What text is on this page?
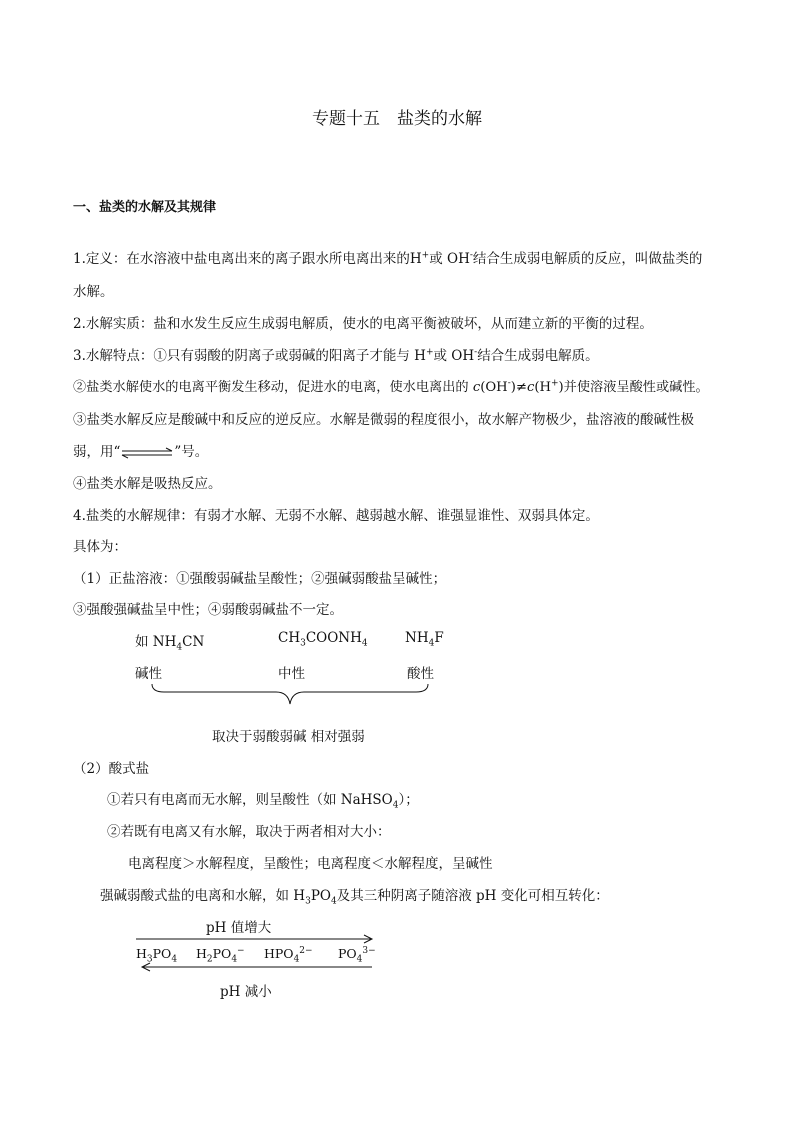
专题十五　盐类的水解
一、盐类的水解及其规律
1.定义：在水溶液中盐电离出来的离子跟水所电离出来的H+或 OH-结合生成弱电解质的反应，叫做盐类的
水解。
2.水解实质：盐和水发生反应生成弱电解质，使水的电离平衡被破坏，从而建立新的平衡的过程。
3.水解特点：①只有弱酸的阴离子或弱碱的阳离子才能与 H+或 OH-结合生成弱电解质。
②盐类水解使水的电离平衡发生移动，促进水的电离，使水电离出的 c(OH-)≠c(H+)并使溶液呈酸性或碱性。
③盐类水解反应是酸碱中和反应的逆反应。水解是微弱的程度很小，故水解产物极少，盐溶液的酸碱性极
弱，用“⇌”号。
④盐类水解是吸热反应。
4.盐类的水解规律：有弱才水解、无弱不水解、越弱越水解、谁强显谁性、双弱具体定。
具体为：
（1）正盐溶液：①强酸弱碱盐呈酸性；②强碱弱酸盐呈碱性；
③强酸强碱盐呈中性；④弱酸弱碱盐不一定。
如 $NH_4CN$	$CH_3COONH_4$	$NH_4F$
碱性	中性	酸性
取决于弱酸弱碱 相对强弱
（2）酸式盐
①若只有电离而无水解，则呈酸性（如 NaHSO$_4$）；
②若既有电离又有水解，取决于两者相对大小：
电离程度＞水解程度，呈酸性；电离程度＜水解程度，呈碱性
强碱弱酸式盐的电离和水解，如 $H_3PO_4$及其三种阴离子随溶液 pH 变化可相互转化：
pH 值增大
$H_3PO_4$ $H_2PO_4^-$ $HPO_4^{2-}$ $PO_4^{3-}$
pH 减小
